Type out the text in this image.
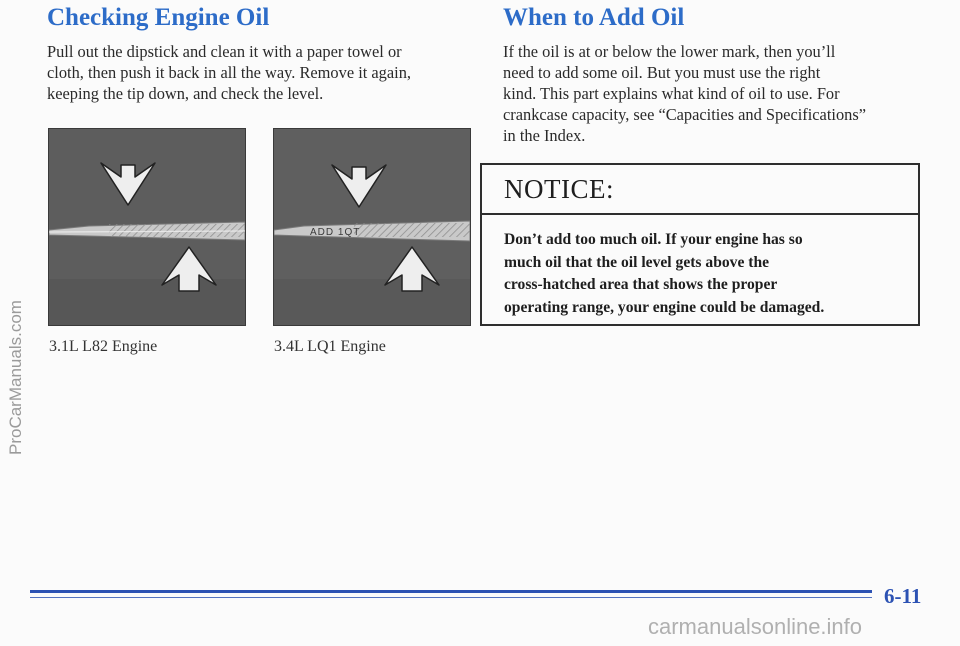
Checking Engine Oil

Pull out the dipstick and clean it with a paper towel or
cloth, then push it back in all the way. Remove it again,
keeping the tip down, and check the level.

3.1L L82 Engine

ADD 1QT

3.4L LQ1 Engine

When to Add Oil

If the oil is at or below the lower mark, then you’ll
need to add some oil. But you must use the right
kind. This part explains what kind of oil to use. For
crankcase capacity, see “Capacities and Specifications”
in the Index.

NOTICE:

Don’t add too much oil. If your engine has so
much oil that the oil level gets above the
cross-hatched area that shows the proper
operating range, your engine could be damaged.

ProCarManuals.com

6-11

carmanualsonline.info
